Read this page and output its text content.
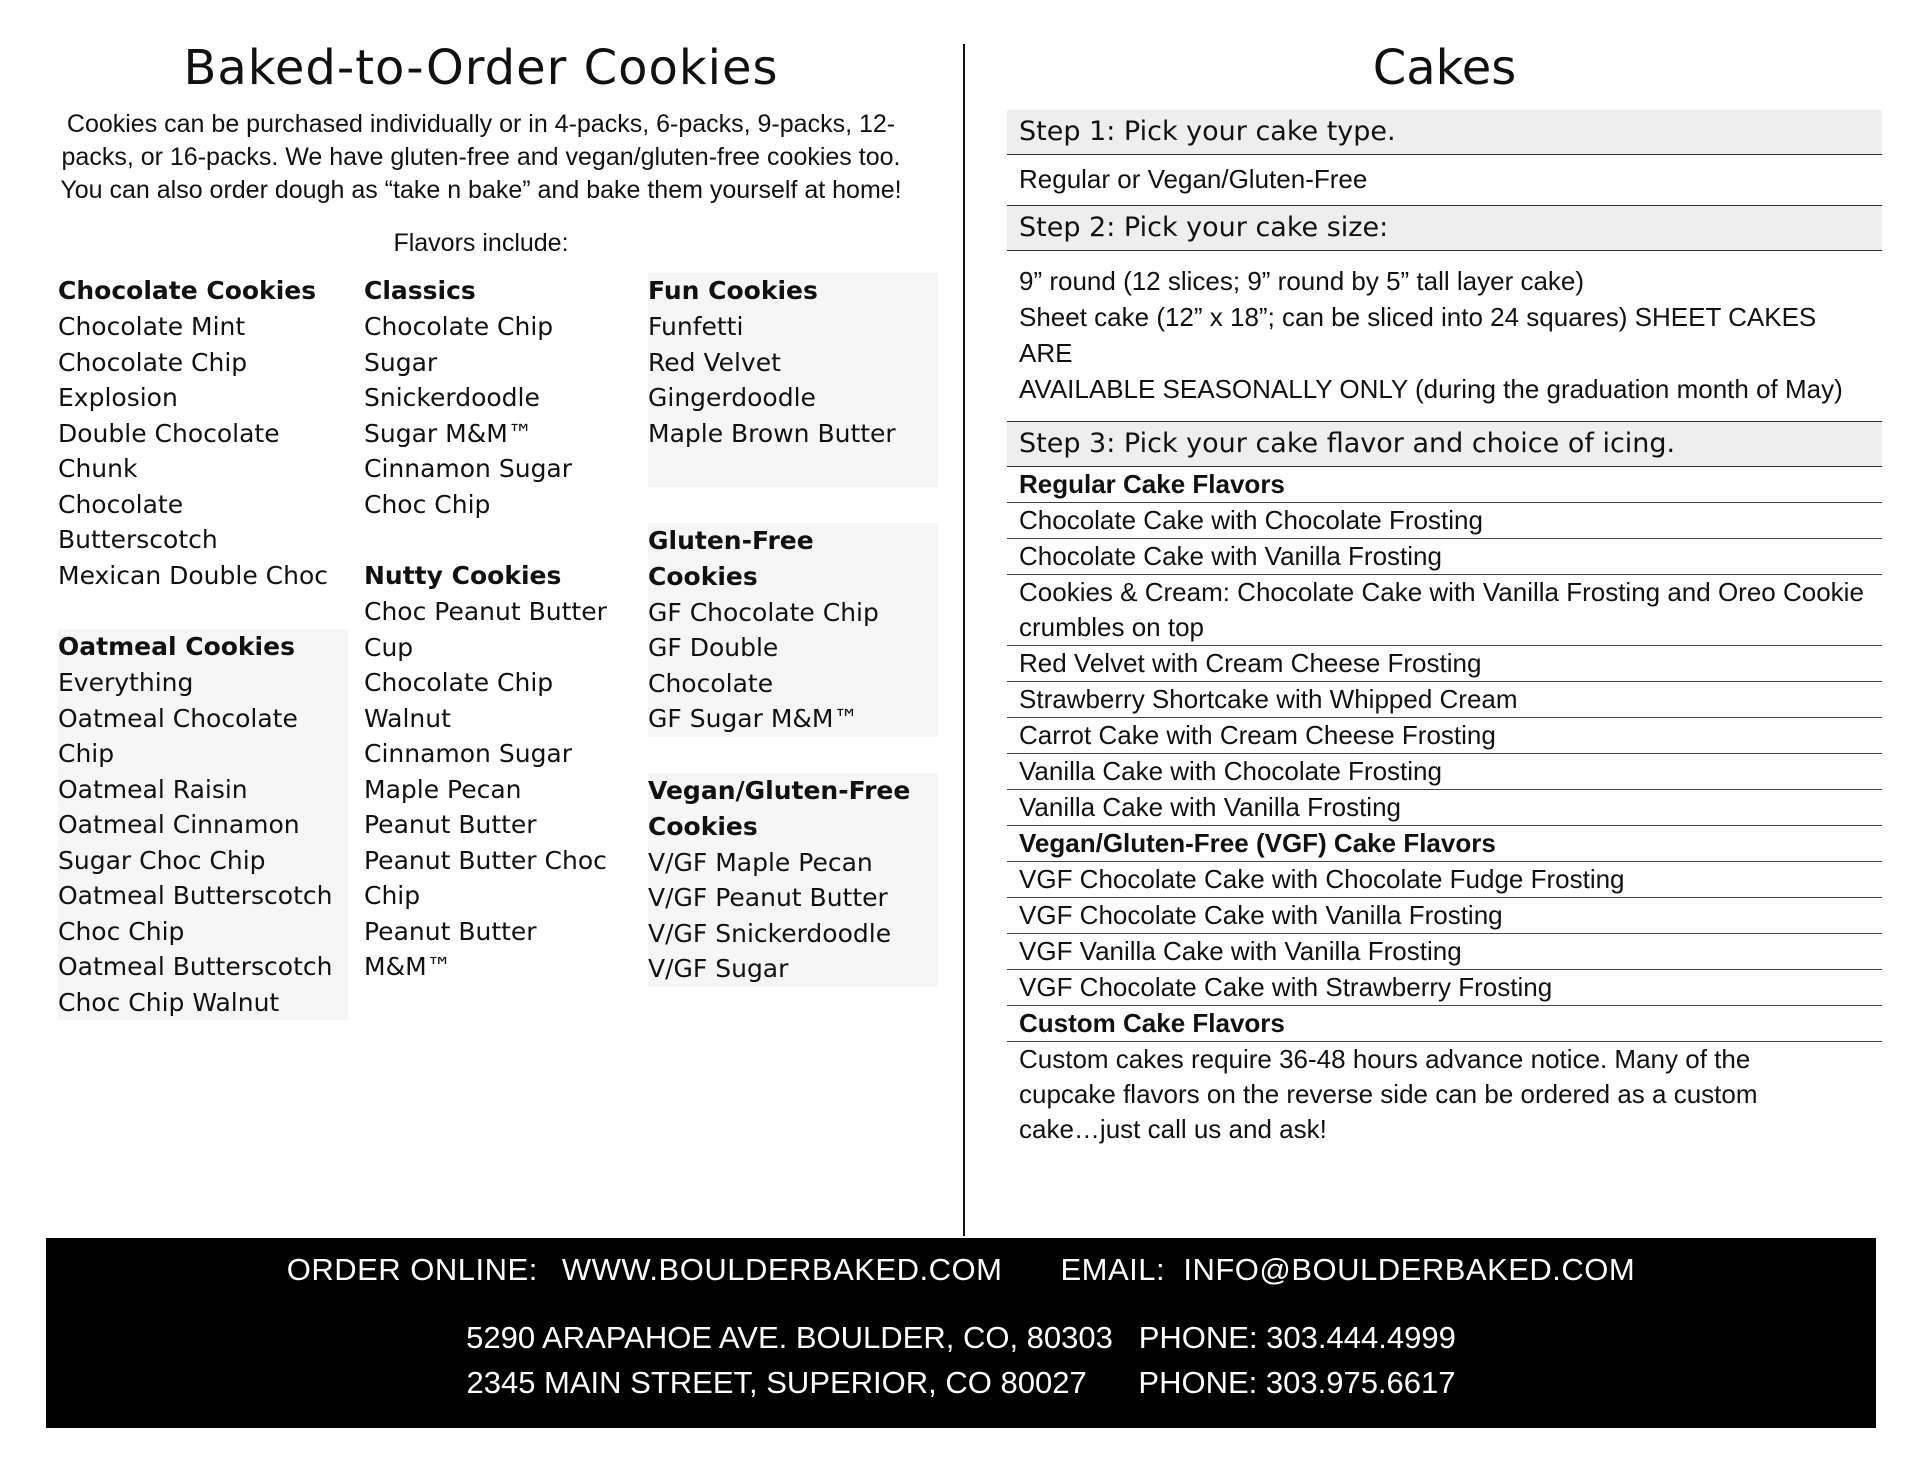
Baked-to-Order Cookies

Cookies can be purchased individually or in 4-packs, 6-packs, 9-packs, 12-packs, or 16-packs. We have gluten-free and vegan/gluten-free cookies too. You can also order dough as “take n bake” and bake them yourself at home!

Flavors include:
Chocolate Cookies
Chocolate Mint
Chocolate Chip
Explosion
Double Chocolate
Chunk
Chocolate Butterscotch
Mexican Double Choc
Oatmeal Cookies
Everything
Oatmeal Chocolate
Chip
Oatmeal Raisin
Oatmeal Cinnamon
Sugar Choc Chip
Oatmeal Butterscotch
Choc Chip
Oatmeal Butterscotch
Choc Chip Walnut
Classics
Chocolate Chip
Sugar
Snickerdoodle
Sugar M&M™
Cinnamon Sugar
Choc Chip
Nutty Cookies
Choc Peanut Butter
Cup
Chocolate Chip
Walnut
Cinnamon Sugar
Maple Pecan
Peanut Butter
Peanut Butter Choc
Chip
Peanut Butter
M&M™
Fun Cookies
Funfetti
Red Velvet
Gingerdoodle
Maple Brown Butter

Gluten-Free
Cookies
GF Chocolate Chip
GF Double
Chocolate
GF Sugar M&M™
Vegan/Gluten-Free
Cookies
V/GF Maple Pecan
V/GF Peanut Butter
V/GF Snickerdoodle
V/GF Sugar
Cakes
Step 1: Pick your cake type.
Regular or Vegan/Gluten-Free
Step 2: Pick your cake size:
9” round (12 slices; 9” round by 5” tall layer cake)
Sheet cake (12” x 18”; can be sliced into 24 squares) SHEET CAKES ARE
AVAILABLE SEASONALLY ONLY (during the graduation month of May)
Step 3: Pick your cake flavor and choice of icing.
Regular Cake Flavors
Chocolate Cake with Chocolate Frosting
Chocolate Cake with Vanilla Frosting
Cookies & Cream: Chocolate Cake with Vanilla Frosting and Oreo Cookie crumbles on top
Red Velvet with Cream Cheese Frosting
Strawberry Shortcake with Whipped Cream
Carrot Cake with Cream Cheese Frosting
Vanilla Cake with Chocolate Frosting
Vanilla Cake with Vanilla Frosting
Vegan/Gluten-Free (VGF) Cake Flavors
VGF Chocolate Cake with Chocolate Fudge Frosting
VGF Chocolate Cake with Vanilla Frosting
VGF Vanilla Cake with Vanilla Frosting
VGF Chocolate Cake with Strawberry Frosting
Custom Cake Flavors
Custom cakes require 36-48 hours advance notice. Many of the
cupcake flavors on the reverse side can be ordered as a custom
cake…just call us and ask!
ORDER ONLINE: WWW.BOULDERBAKED.COM EMAIL: INFO@BOULDERBAKED.COM
5290 ARAPAHOE AVE. BOULDER, CO, 80303 PHONE: 303.444.4999
2345 MAIN STREET, SUPERIOR, CO 80027 PHONE: 303.975.6617
